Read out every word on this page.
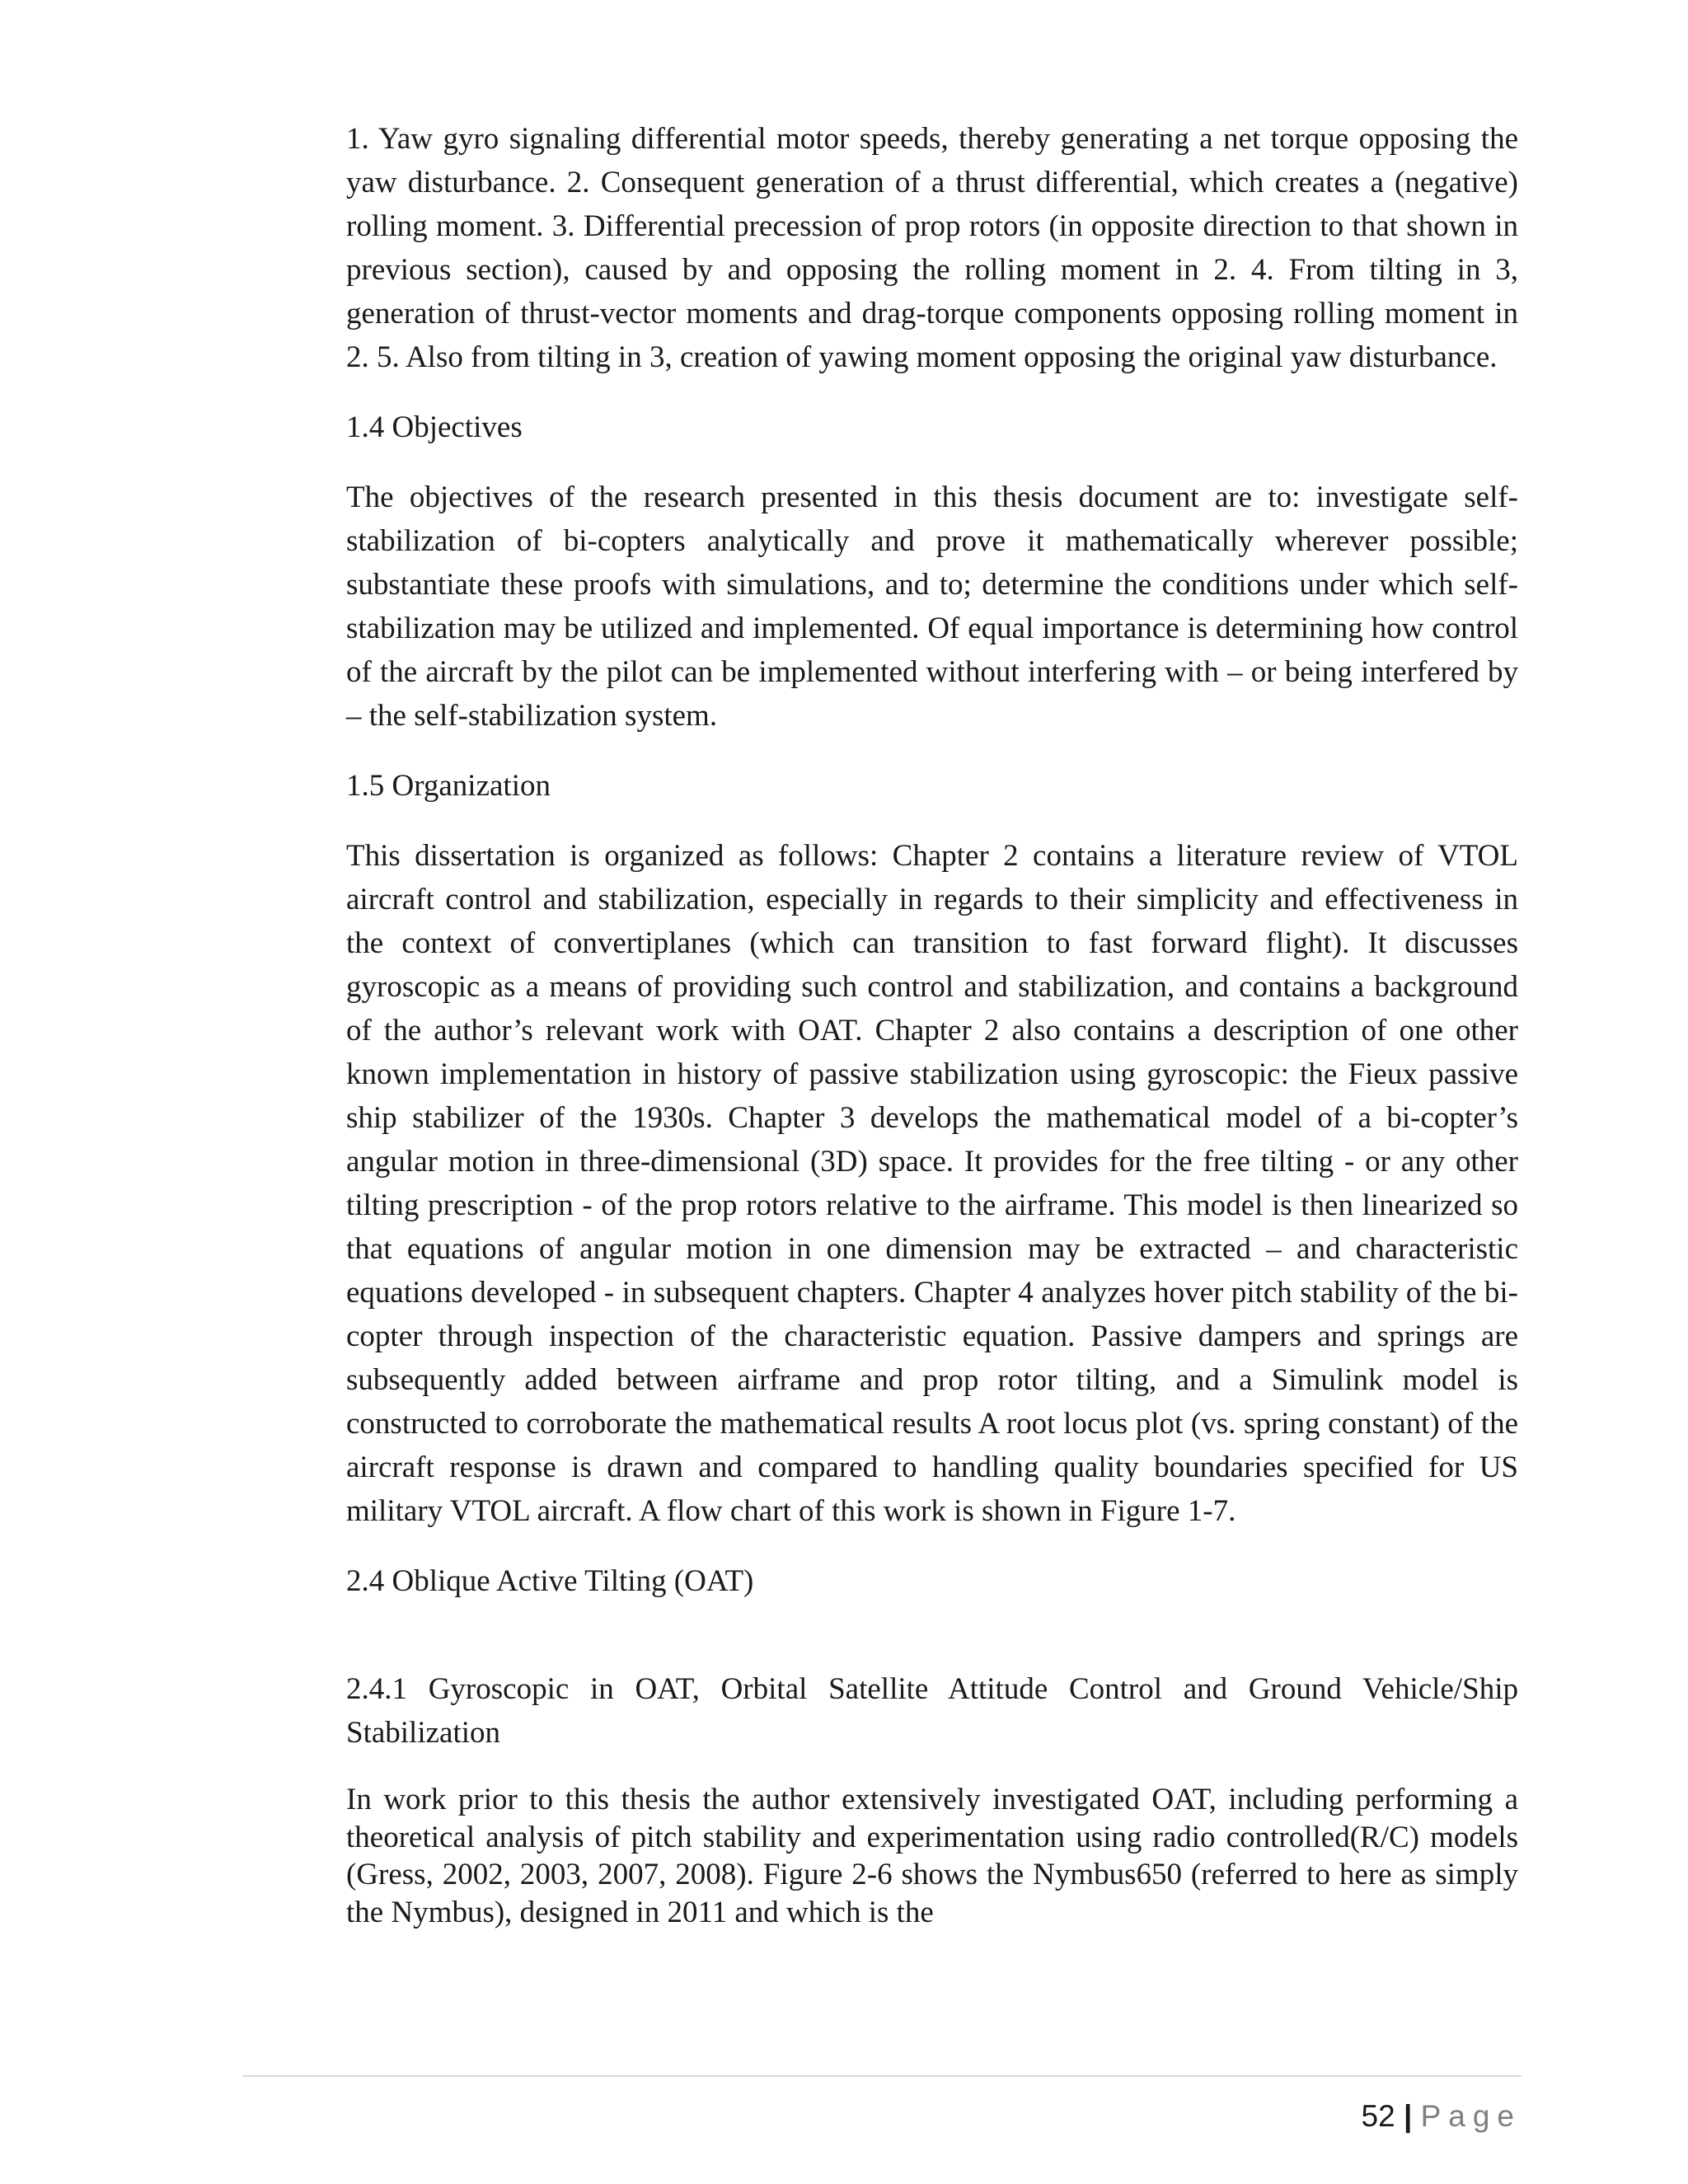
1. Yaw gyro signaling differential motor speeds, thereby generating a net torque opposing the yaw disturbance. 2. Consequent generation of a thrust differential, which creates a (negative) rolling moment. 3. Differential precession of prop rotors (in opposite direction to that shown in previous section), caused by and opposing the rolling moment in 2. 4. From tilting in 3, generation of thrust-vector moments and drag-torque components opposing rolling moment in 2. 5. Also from tilting in 3, creation of yawing moment opposing the original yaw disturbance.

1.4 Objectives

The objectives of the research presented in this thesis document are to: investigate self-stabilization of bi-copters analytically and prove it mathematically wherever possible; substantiate these proofs with simulations, and to; determine the conditions under which self-stabilization may be utilized and implemented. Of equal importance is determining how control of the aircraft by the pilot can be implemented without interfering with – or being interfered by – the self-stabilization system.

1.5 Organization

This dissertation is organized as follows: Chapter 2 contains a literature review of VTOL aircraft control and stabilization, especially in regards to their simplicity and effectiveness in the context of convertiplanes (which can transition to fast forward flight). It discusses gyroscopic as a means of providing such control and stabilization, and contains a background of the author’s relevant work with OAT. Chapter 2 also contains a description of one other known implementation in history of passive stabilization using gyroscopic: the Fieux passive ship stabilizer of the 1930s. Chapter 3 develops the mathematical model of a bi-copter’s angular motion in three-dimensional (3D) space. It provides for the free tilting - or any other tilting prescription - of the prop rotors relative to the airframe. This model is then linearized so that equations of angular motion in one dimension may be extracted – and characteristic equations developed - in subsequent chapters. Chapter 4 analyzes hover pitch stability of the bi-copter through inspection of the characteristic equation. Passive dampers and springs are subsequently added between airframe and prop rotor tilting, and a Simulink model is constructed to corroborate the mathematical results A root locus plot (vs. spring constant) of the aircraft response is drawn and compared to handling quality boundaries specified for US military VTOL aircraft. A flow chart of this work is shown in Figure 1-7.

2.4 Oblique Active Tilting (OAT)

2.4.1 Gyroscopic in OAT, Orbital Satellite Attitude Control and Ground Vehicle/Ship Stabilization

In work prior to this thesis the author extensively investigated OAT, including performing a theoretical analysis of pitch stability and experimentation using radio controlled(R/C) models (Gress, 2002, 2003, 2007, 2008). Figure 2-6 shows the Nymbus650 (referred to here as simply the Nymbus), designed in 2011 and which is the

52 | Page
